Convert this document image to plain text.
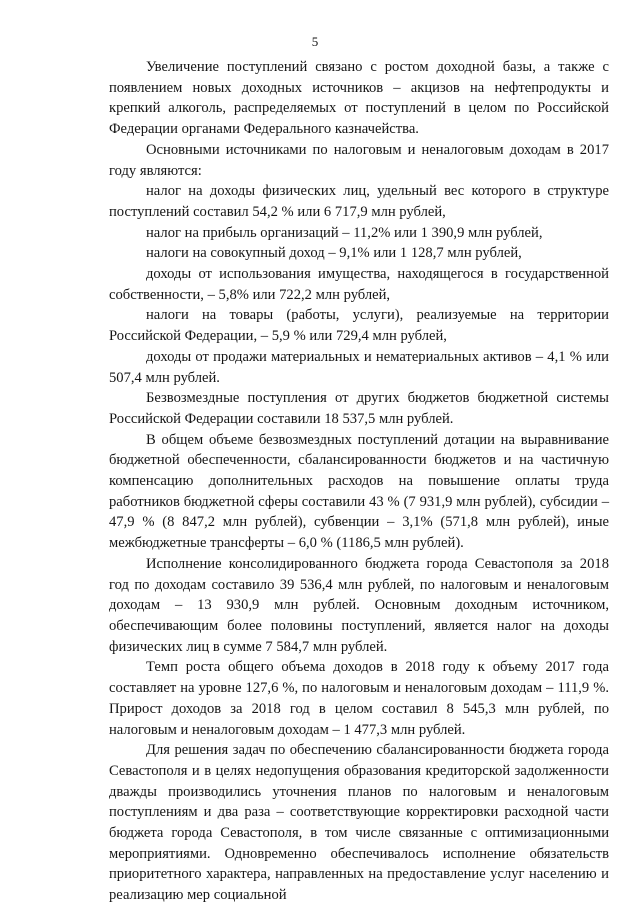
5

Увеличение поступлений связано с ростом доходной базы, а также с появлением новых доходных источников – акцизов на нефтепродукты и крепкий алкоголь, распределяемых от поступлений в целом по Российской Федерации органами Федерального казначейства.

Основными источниками по налоговым и неналоговым доходам в 2017 году являются:

налог на доходы физических лиц, удельный вес которого в структуре поступлений составил 54,2 % или 6 717,9 млн рублей,

налог на прибыль организаций – 11,2% или 1 390,9 млн рублей,

налоги на совокупный доход – 9,1% или 1 128,7 млн рублей,

доходы от использования имущества, находящегося в государственной собственности, – 5,8% или 722,2 млн рублей,

налоги на товары (работы, услуги), реализуемые на территории Российской Федерации, – 5,9 % или 729,4 млн рублей,

доходы от продажи материальных и нематериальных активов – 4,1 % или 507,4 млн рублей.

Безвозмездные поступления от других бюджетов бюджетной системы Российской Федерации составили 18 537,5 млн рублей.

В общем объеме безвозмездных поступлений дотации на выравнивание бюджетной обеспеченности, сбалансированности бюджетов и на частичную компенсацию дополнительных расходов на повышение оплаты труда работников бюджетной сферы составили 43 % (7 931,9 млн рублей), субсидии – 47,9 % (8 847,2 млн рублей), субвенции – 3,1% (571,8 млн рублей), иные межбюджетные трансферты – 6,0 % (1186,5 млн рублей).

Исполнение консолидированного бюджета города Севастополя за 2018 год по доходам составило 39 536,4 млн рублей, по налоговым и неналоговым доходам – 13 930,9 млн рублей. Основным доходным источником, обеспечивающим более половины поступлений, является налог на доходы физических лиц в сумме 7 584,7 млн рублей.

Темп роста общего объема доходов в 2018 году к объему 2017 года составляет на уровне 127,6 %, по налоговым и неналоговым доходам – 111,9 %. Прирост доходов за 2018 год в целом составил 8 545,3 млн рублей, по налоговым и неналоговым доходам – 1 477,3 млн рублей.

Для решения задач по обеспечению сбалансированности бюджета города Севастополя и в целях недопущения образования кредиторской задолженности дважды производились уточнения планов по налоговым и неналоговым поступлениям и два раза – соответствующие корректировки расходной части бюджета города Севастополя, в том числе связанные с оптимизационными мероприятиями. Одновременно обеспечивалось исполнение обязательств приоритетного характера, направленных на предоставление услуг населению и реализацию мер социальной
